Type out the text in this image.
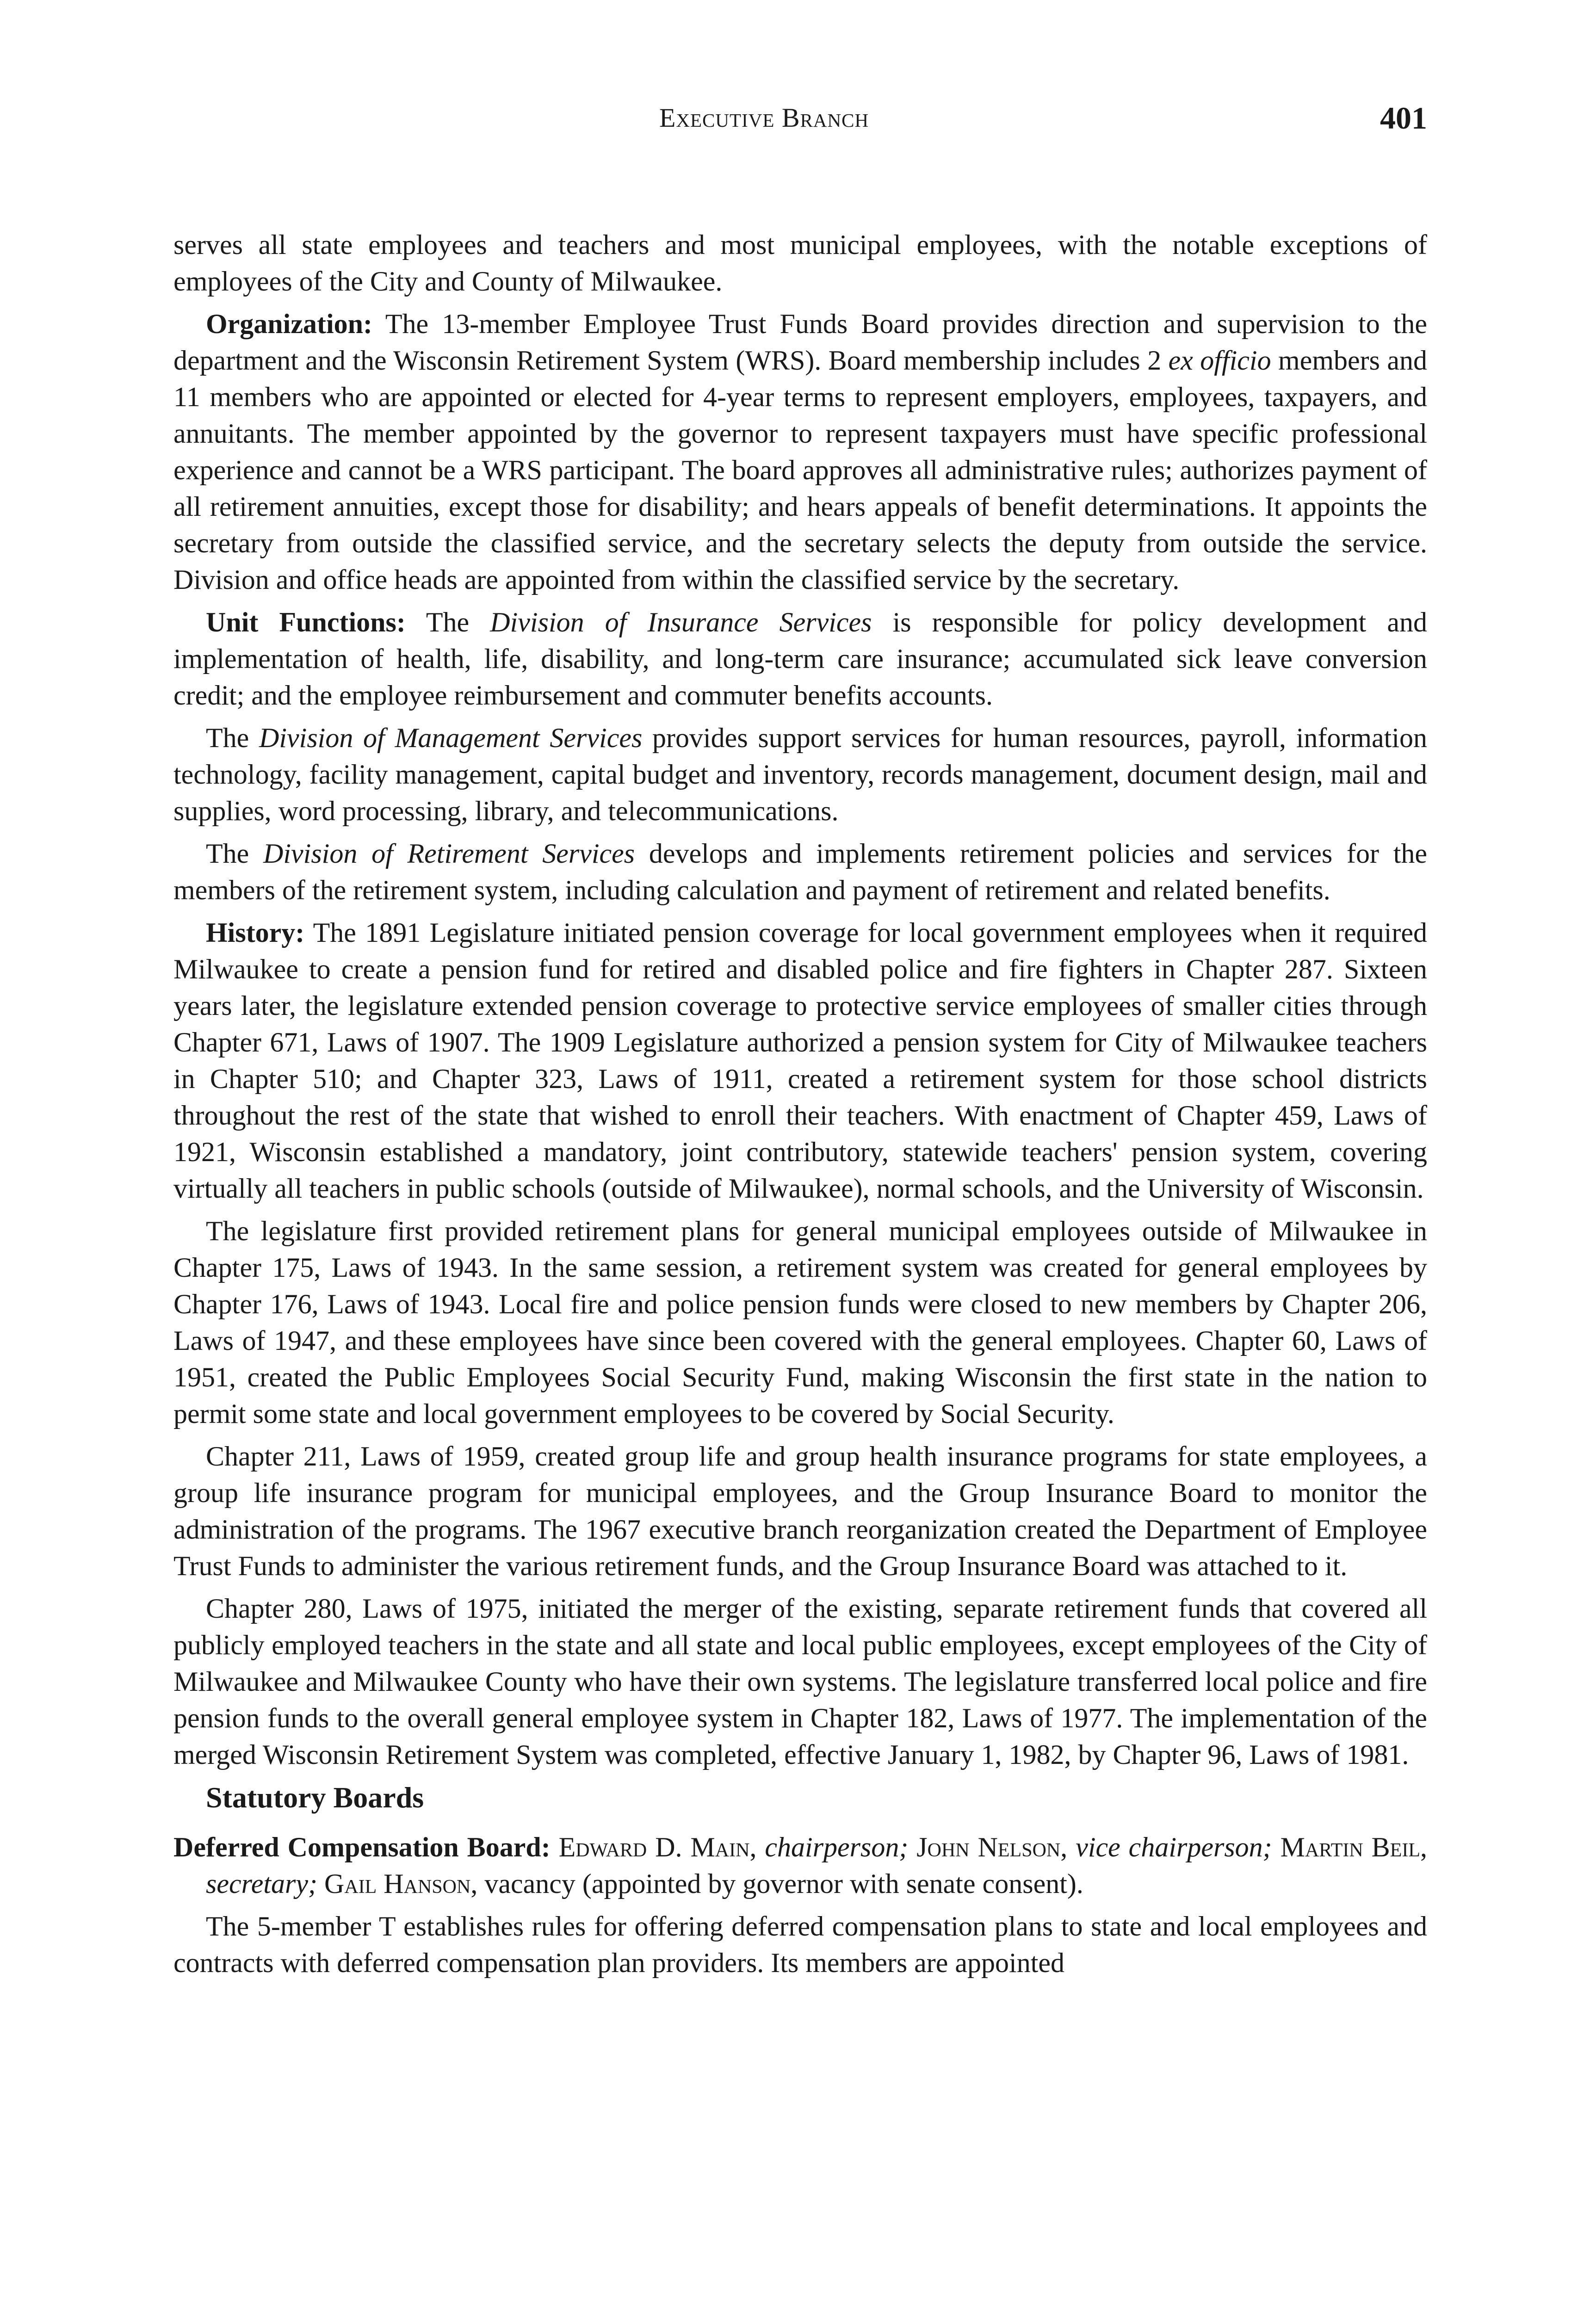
Executive Branch	401

serves all state employees and teachers and most municipal employees, with the notable exceptions of employees of the City and County of Milwaukee.

Organization: The 13-member Employee Trust Funds Board provides direction and supervision to the department and the Wisconsin Retirement System (WRS). Board membership includes 2 ex officio members and 11 members who are appointed or elected for 4-year terms to represent employers, employees, taxpayers, and annuitants. The member appointed by the governor to represent taxpayers must have specific professional experience and cannot be a WRS participant. The board approves all administrative rules; authorizes payment of all retirement annuities, except those for disability; and hears appeals of benefit determinations. It appoints the secretary from outside the classified service, and the secretary selects the deputy from outside the service. Division and office heads are appointed from within the classified service by the secretary.

Unit Functions: The Division of Insurance Services is responsible for policy development and implementation of health, life, disability, and long-term care insurance; accumulated sick leave conversion credit; and the employee reimbursement and commuter benefits accounts.

The Division of Management Services provides support services for human resources, payroll, information technology, facility management, capital budget and inventory, records management, document design, mail and supplies, word processing, library, and telecommunications.

The Division of Retirement Services develops and implements retirement policies and services for the members of the retirement system, including calculation and payment of retirement and related benefits.

History: The 1891 Legislature initiated pension coverage for local government employees when it required Milwaukee to create a pension fund for retired and disabled police and fire fighters in Chapter 287. Sixteen years later, the legislature extended pension coverage to protective service employees of smaller cities through Chapter 671, Laws of 1907. The 1909 Legislature authorized a pension system for City of Milwaukee teachers in Chapter 510; and Chapter 323, Laws of 1911, created a retirement system for those school districts throughout the rest of the state that wished to enroll their teachers. With enactment of Chapter 459, Laws of 1921, Wisconsin established a mandatory, joint contributory, statewide teachers' pension system, covering virtually all teachers in public schools (outside of Milwaukee), normal schools, and the University of Wisconsin.

The legislature first provided retirement plans for general municipal employees outside of Milwaukee in Chapter 175, Laws of 1943. In the same session, a retirement system was created for general employees by Chapter 176, Laws of 1943. Local fire and police pension funds were closed to new members by Chapter 206, Laws of 1947, and these employees have since been covered with the general employees. Chapter 60, Laws of 1951, created the Public Employees Social Security Fund, making Wisconsin the first state in the nation to permit some state and local government employees to be covered by Social Security.

Chapter 211, Laws of 1959, created group life and group health insurance programs for state employees, a group life insurance program for municipal employees, and the Group Insurance Board to monitor the administration of the programs. The 1967 executive branch reorganization created the Department of Employee Trust Funds to administer the various retirement funds, and the Group Insurance Board was attached to it.

Chapter 280, Laws of 1975, initiated the merger of the existing, separate retirement funds that covered all publicly employed teachers in the state and all state and local public employees, except employees of the City of Milwaukee and Milwaukee County who have their own systems. The legislature transferred local police and fire pension funds to the overall general employee system in Chapter 182, Laws of 1977. The implementation of the merged Wisconsin Retirement System was completed, effective January 1, 1982, by Chapter 96, Laws of 1981.

Statutory Boards

Deferred Compensation Board: Edward D. Main, chairperson; John Nelson, vice chairperson; Martin Beil, secretary; Gail Hanson, vacancy (appointed by governor with senate consent).

The 5-member T establishes rules for offering deferred compensation plans to state and local employees and contracts with deferred compensation plan providers. Its members are appointed
